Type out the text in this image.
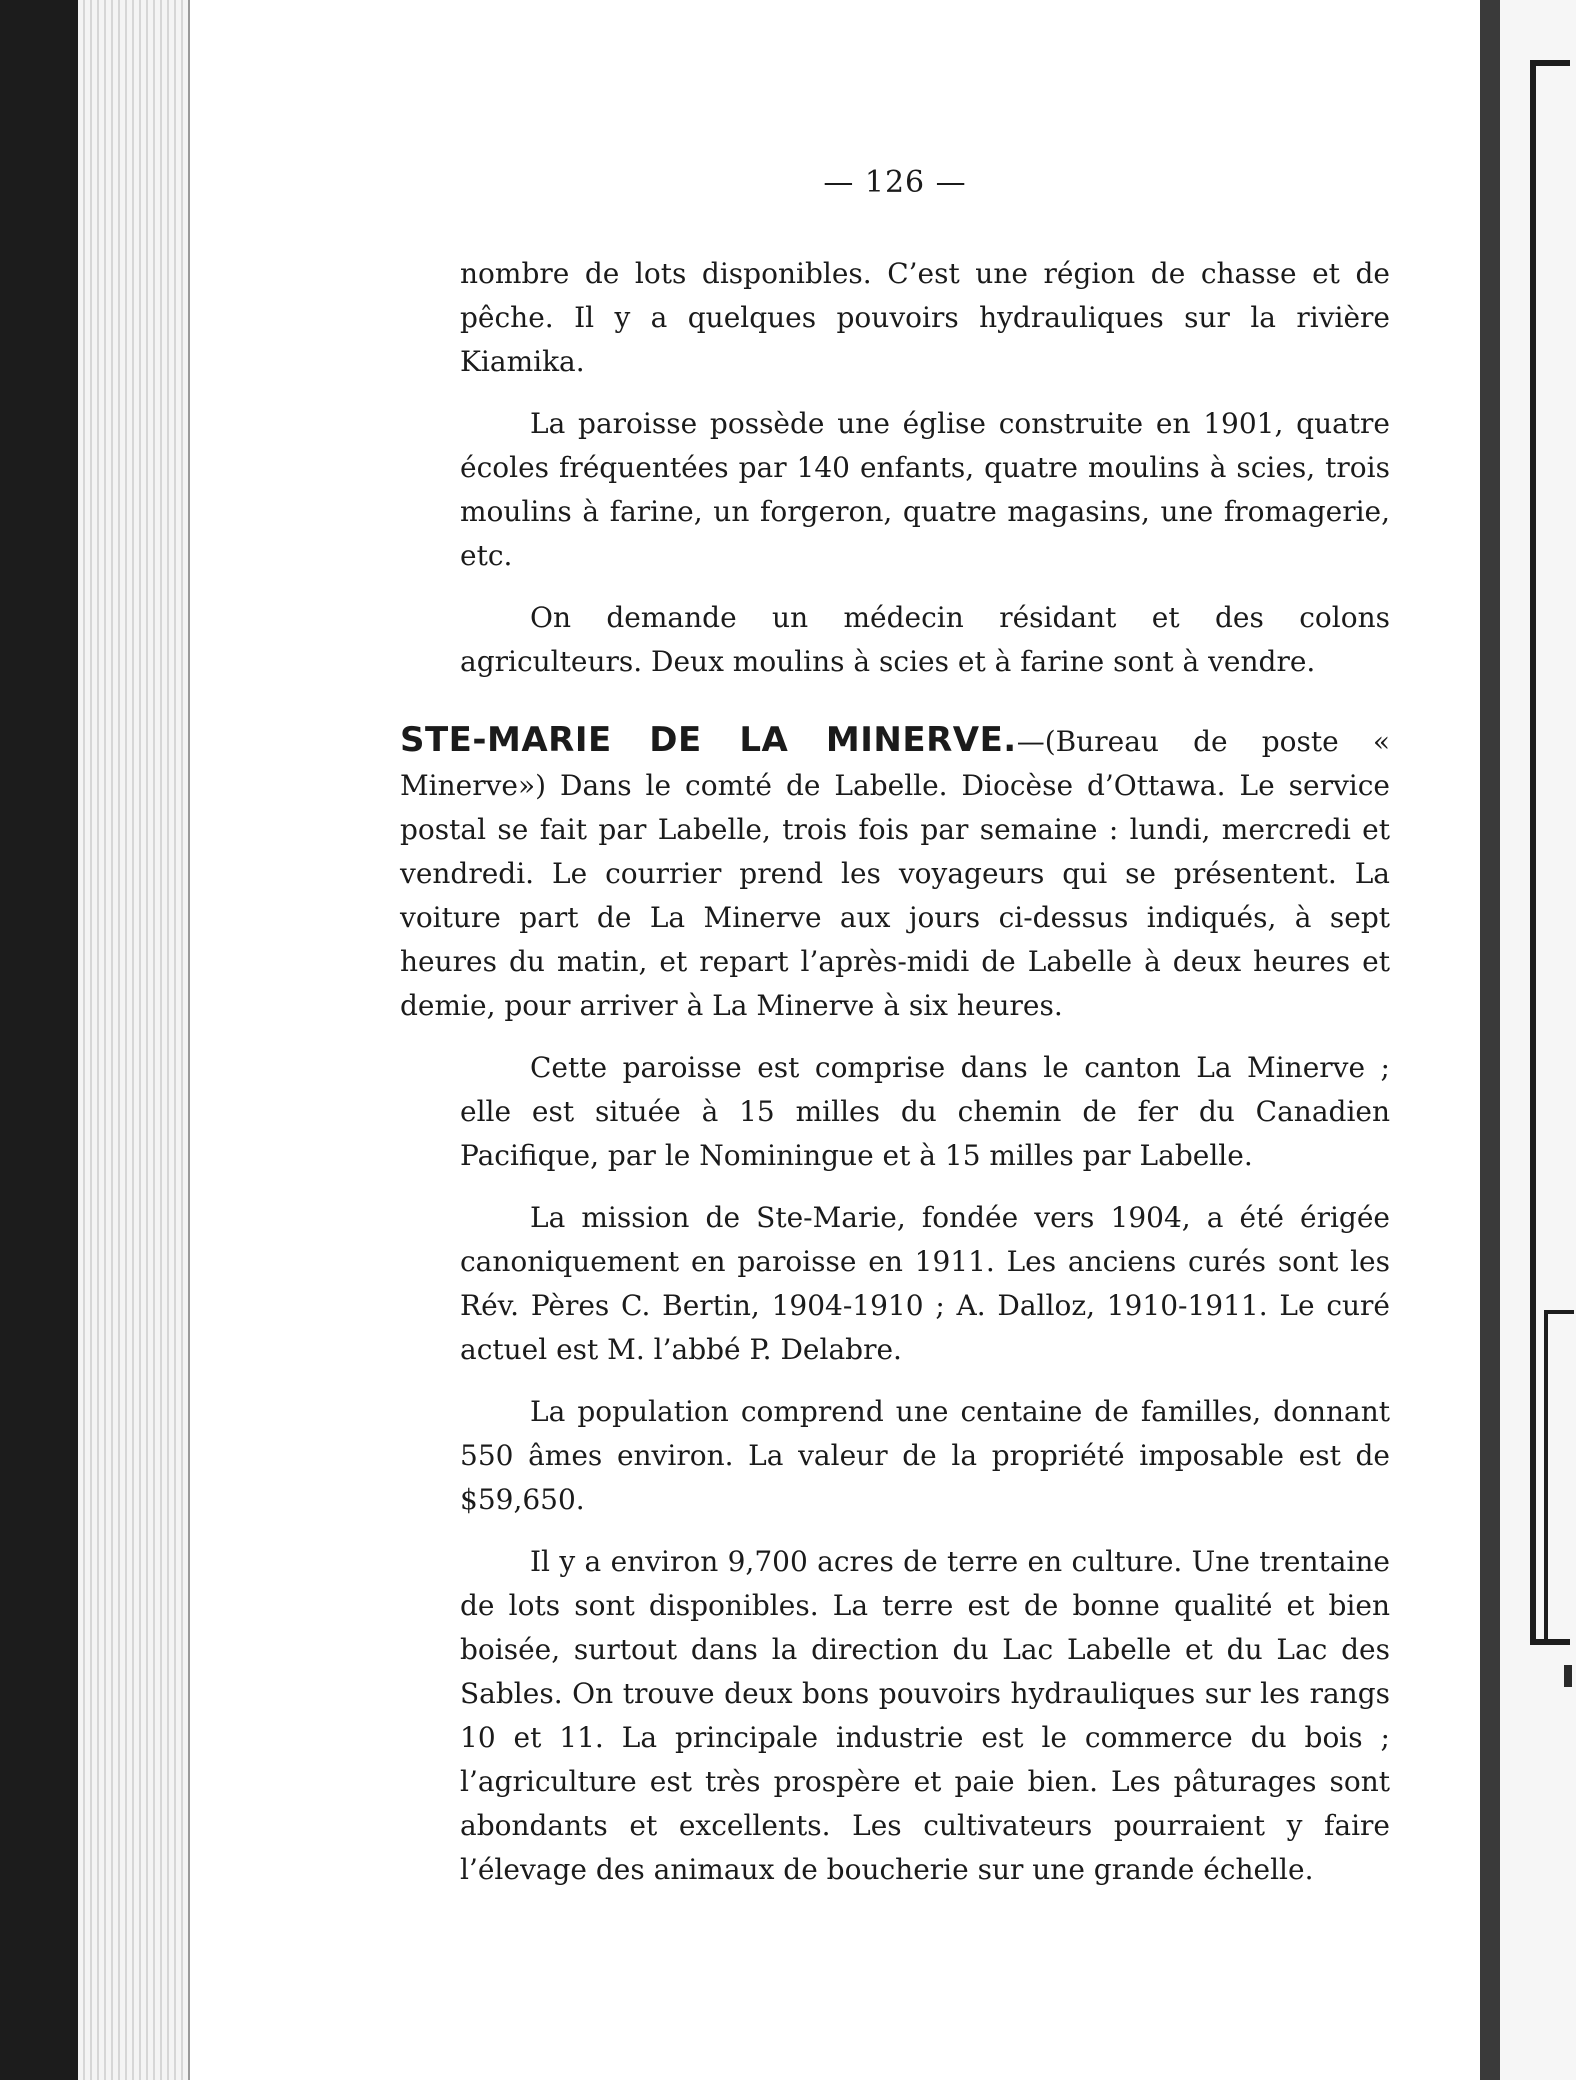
— 126 —

nombre de lots disponibles. C’est une région de chasse et de pêche. Il y a quelques pouvoirs hydrauliques sur la rivière Kiamika.

La paroisse possède une église construite en 1901, quatre écoles fréquentées par 140 enfants, quatre moulins à scies, trois moulins à farine, un forgeron, quatre magasins, une fromagerie, etc.

On demande un médecin résidant et des colons agriculteurs. Deux moulins à scies et à farine sont à vendre.

STE-MARIE DE LA MINERVE.—(Bureau de poste « Minerve») Dans le comté de Labelle. Diocèse d’Ottawa. Le service postal se fait par Labelle, trois fois par semaine : lundi, mercredi et vendredi. Le courrier prend les voyageurs qui se présentent. La voiture part de La Minerve aux jours ci-dessus indiqués, à sept heures du matin, et repart l’après-midi de Labelle à deux heures et demie, pour arriver à La Minerve à six heures.

Cette paroisse est comprise dans le canton La Minerve ; elle est située à 15 milles du chemin de fer du Canadien Pacifique, par le Nominingue et à 15 milles par Labelle.

La mission de Ste-Marie, fondée vers 1904, a été érigée canoniquement en paroisse en 1911. Les anciens curés sont les Rév. Pères C. Bertin, 1904-1910 ; A. Dalloz, 1910-1911. Le curé actuel est M. l’abbé P. Delabre.

La population comprend une centaine de familles, donnant 550 âmes environ. La valeur de la propriété imposable est de $59,650.

Il y a environ 9,700 acres de terre en culture. Une trentaine de lots sont disponibles. La terre est de bonne qualité et bien boisée, surtout dans la direction du Lac Labelle et du Lac des Sables. On trouve deux bons pouvoirs hydrauliques sur les rangs 10 et 11. La principale industrie est le commerce du bois ; l’agriculture est très prospère et paie bien. Les pâturages sont abondants et excellents. Les cultivateurs pourraient y faire l’élevage des animaux de boucherie sur une grande échelle.
